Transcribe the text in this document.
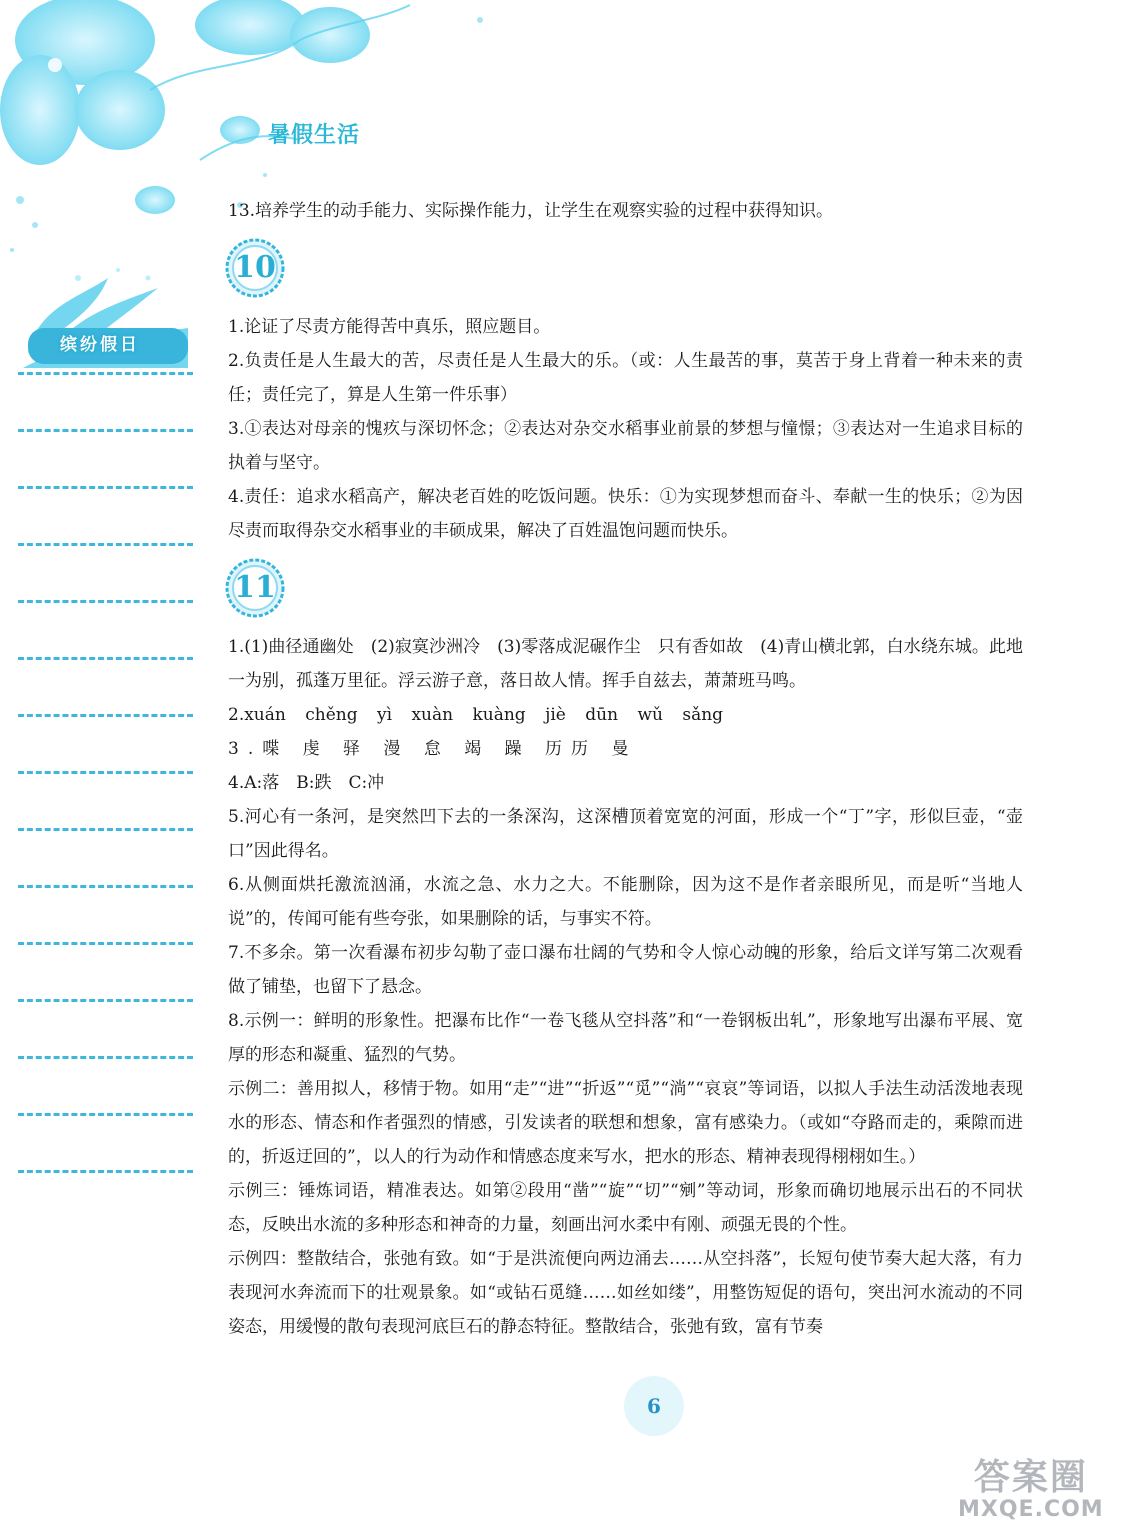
暑假生活
缤纷假日

13.培养学生的动手能力、实际操作能力，让学生在观察实验的过程中获得知识。

10

1.论证了尽责方能得苦中真乐，照应题目。

2.负责任是人生最大的苦，尽责任是人生最大的乐。（或：人生最苦的事，莫苦于身上背着一种未来的责任；责任完了，算是人生第一件乐事）

3.①表达对母亲的愧疚与深切怀念；②表达对杂交水稻事业前景的梦想与憧憬；③表达对一生追求目标的执着与坚守。

4.责任：追求水稻高产，解决老百姓的吃饭问题。快乐：①为实现梦想而奋斗、奉献一生的快乐；②为因尽责而取得杂交水稻事业的丰硕成果，解决了百姓温饱问题而快乐。

11

1.(1)曲径通幽处　(2)寂寞沙洲冷　(3)零落成泥碾作尘　只有香如故　(4)青山横北郭，白水绕东城。此地一为别，孤蓬万里征。浮云游子意，落日故人情。挥手自兹去，萧萧班马鸣。

2.xuán chěng yì xuàn kuàng jiè dūn wǔ sǎng

3.喋 虔 驿 漫 怠 竭 躁 历历 曼

4.A:落　B:跌　C:冲

5.河心有一条河，是突然凹下去的一条深沟，这深槽顶着宽宽的河面，形成一个“丁”字，形似巨壶，“壶口”因此得名。

6.从侧面烘托激流汹涌，水流之急、水力之大。不能删除，因为这不是作者亲眼所见，而是听“当地人说”的，传闻可能有些夸张，如果删除的话，与事实不符。

7.不多余。第一次看瀑布初步勾勒了壶口瀑布壮阔的气势和令人惊心动魄的形象，给后文详写第二次观看做了铺垫，也留下了悬念。

8.示例一：鲜明的形象性。把瀑布比作“一卷飞毯从空抖落”和“一卷钢板出轧”，形象地写出瀑布平展、宽厚的形态和凝重、猛烈的气势。

示例二：善用拟人，移情于物。如用“走”“进”“折返”“觅”“淌”“哀哀”等词语，以拟人手法生动活泼地表现水的形态、情态和作者强烈的情感，引发读者的联想和想象，富有感染力。（或如“夺路而走的，乘隙而进的，折返迂回的”，以人的行为动作和情感态度来写水，把水的形态、精神表现得栩栩如生。）

示例三：锤炼词语，精准表达。如第②段用“凿”“旋”“切”“剜”等动词，形象而确切地展示出石的不同状态，反映出水流的多种形态和神奇的力量，刻画出河水柔中有刚、顽强无畏的个性。

示例四：整散结合，张弛有致。如“于是洪流便向两边涌去……从空抖落”，长短句使节奏大起大落，有力表现河水奔流而下的壮观景象。如“或钻石觅缝……如丝如缕”，用整饬短促的语句，突出河水流动的不同姿态，用缓慢的散句表现河底巨石的静态特征。整散结合，张弛有致，富有节奏

6
答案圈
MXQE.COM
